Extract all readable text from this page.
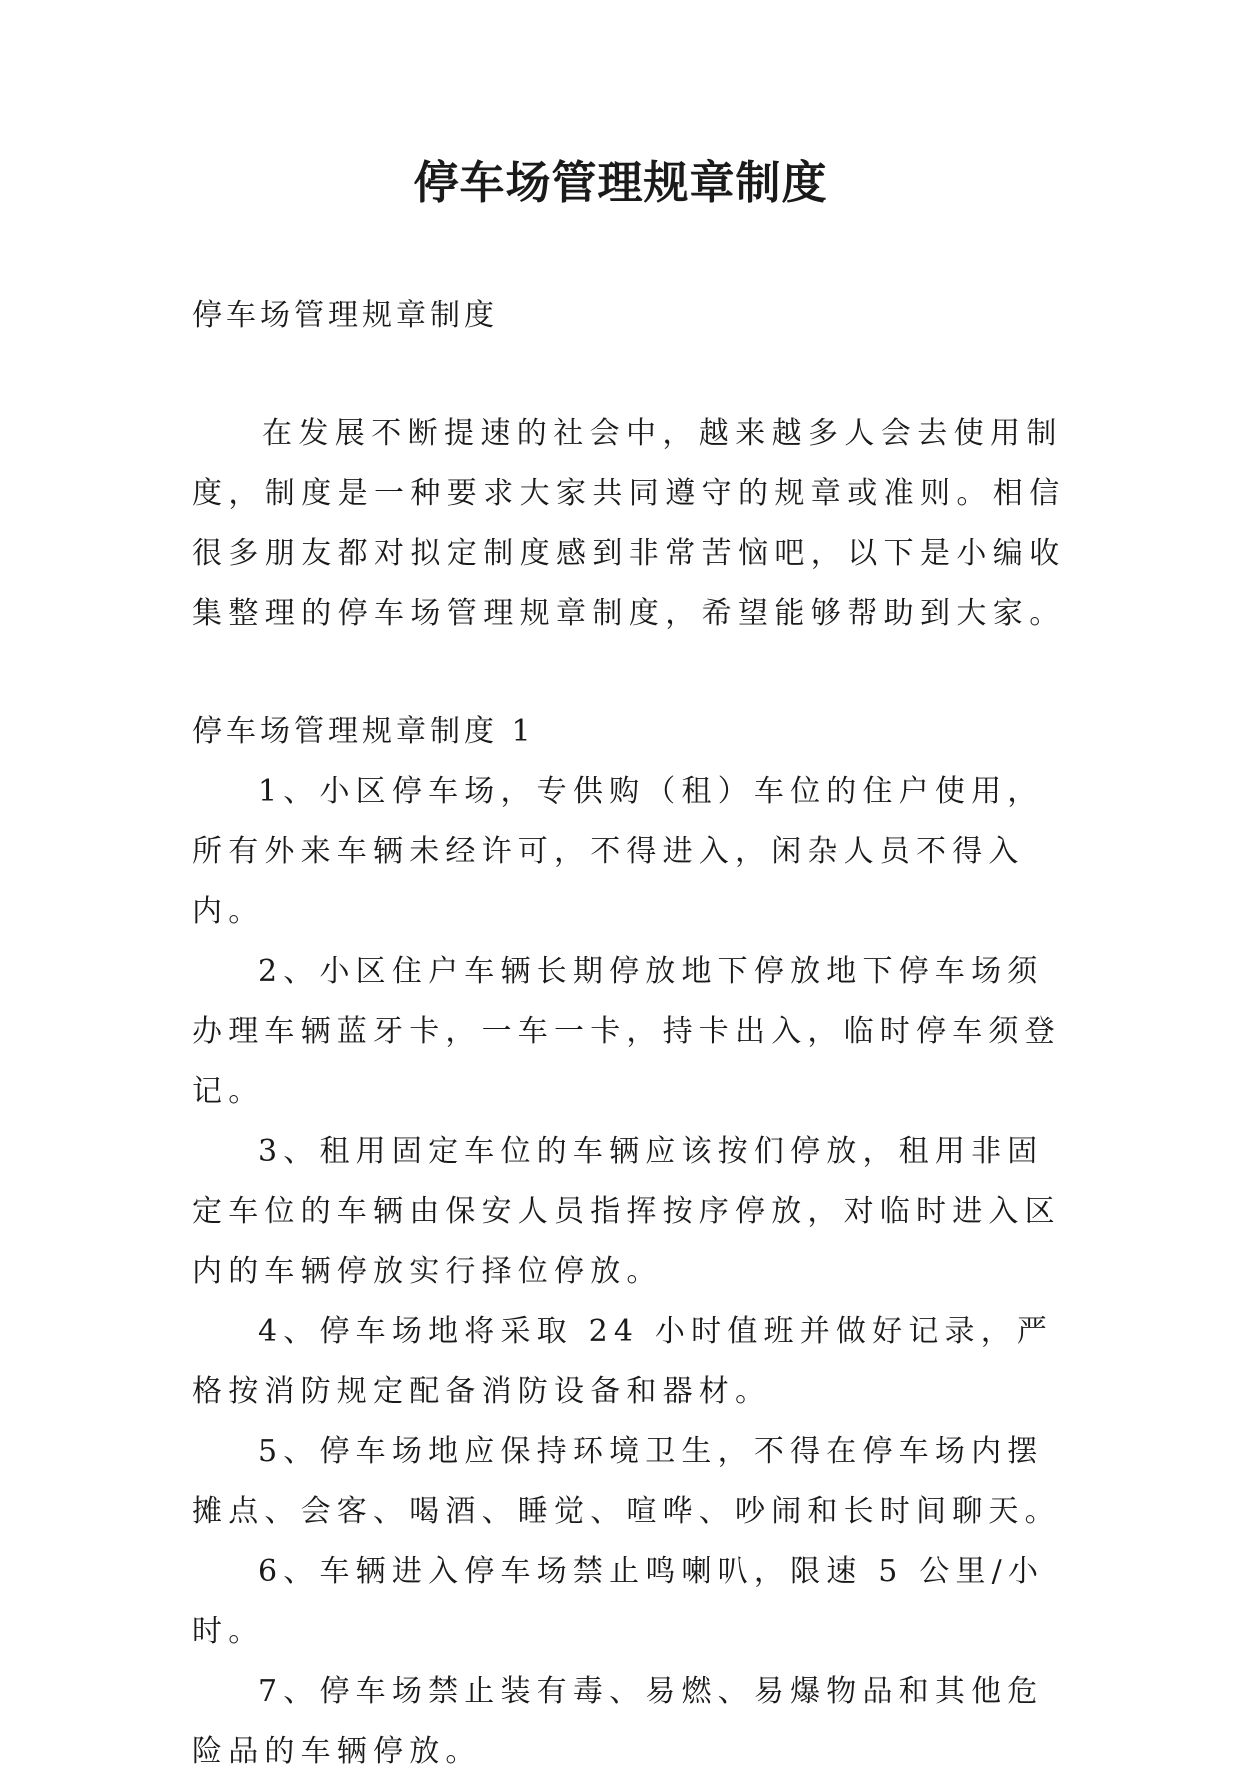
停车场管理规章制度

停车场管理规章制度

在发展不断提速的社会中，越来越多人会去使用制度，制度是一种要求大家共同遵守的规章或准则。相信很多朋友都对拟定制度感到非常苦恼吧，以下是小编收集整理的停车场管理规章制度，希望能够帮助到大家。

停车场管理规章制度 1

1、小区停车场，专供购（租）车位的住户使用，所有外来车辆未经许可，不得进入，闲杂人员不得入内。

2、小区住户车辆长期停放地下停放地下停车场须办理车辆蓝牙卡，一车一卡，持卡出入，临时停车须登记。

3、租用固定车位的车辆应该按们停放，租用非固定车位的车辆由保安人员指挥按序停放，对临时进入区内的车辆停放实行择位停放。

4、停车场地将采取 24 小时值班并做好记录，严格按消防规定配备消防设备和器材。

5、停车场地应保持环境卫生，不得在停车场内摆摊点、会客、喝酒、睡觉、喧哗、吵闹和长时间聊天。

6、车辆进入停车场禁止鸣喇叭，限速 5 公里/小时。

7、停车场禁止装有毒、易燃、易爆物品和其他危险品的车辆停放。
